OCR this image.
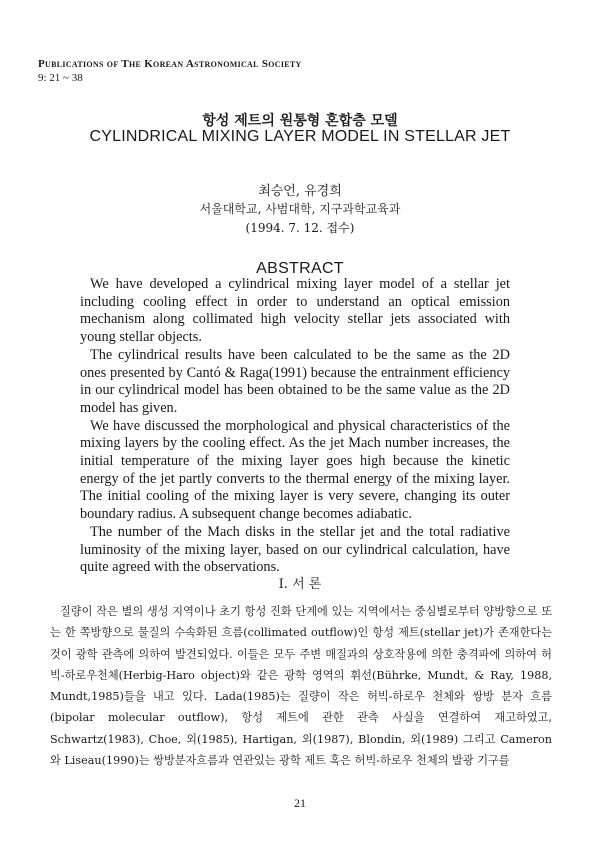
Publications of The Korean Astronomical Society
9: 21 ~ 38
항성 제트의 원통형 혼합층 모델
CYLINDRICAL MIXING LAYER MODEL IN STELLAR JET
최승언, 유경희
서울대학교, 사범대학, 지구과학교육과
(1994. 7. 12. 접수)
ABSTRACT

We have developed a cylindrical mixing layer model of a stellar jet including cooling effect in order to understand an optical emission mechanism along collimated high velocity stellar jets associated with young stellar objects.

The cylindrical results have been calculated to be the same as the 2D ones presented by Cantó & Raga(1991) because the entrainment efficiency in our cylindrical model has been obtained to be the same value as the 2D model has given.

We have discussed the morphological and physical characteristics of the mixing layers by the cooling effect. As the jet Mach number increases, the initial temperature of the mixing layer goes high because the kinetic energy of the jet partly converts to the thermal energy of the mixing layer. The initial cooling of the mixing layer is very severe, changing its outer boundary radius. A subsequent change becomes adiabatic.

The number of the Mach disks in the stellar jet and the total radiative luminosity of the mixing layer, based on our cylindrical calculation, have quite agreed with the observations.

I. 서 론

질량이 작은 별의 생성 지역이나 초기 항성 진화 단계에 있는 지역에서는 중심별로부터 양방향으로 또는 한 쪽방향으로 물질의 수속화된 흐름(collimated outflow)인 항성 제트(stellar jet)가 존재한다는 것이 광학 관측에 의하여 발견되었다. 이들은 모두 주변 매질과의 상호작용에 의한 충격파에 의하여 허빅-하로우천체(Herbig-Haro object)와 같은 광학 영역의 휘선(Bührke, Mundt, & Ray, 1988, Mundt,1985)들을 내고 있다. Lada(1985)는 질량이 작은 허빅-하로우 천체와 쌍방 분자 흐름(bipolar molecular outflow), 항성 제트에 관한 관측 사실을 연결하여 재고하였고, Schwartz(1983), Choe, 외(1985), Hartigan, 외(1987), Blondin, 외(1989) 그리고 Cameron와 Liseau(1990)는 쌍방분자흐름과 연관있는 광학 제트 혹은 허빅-하로우 천체의 발광 기구를

21
